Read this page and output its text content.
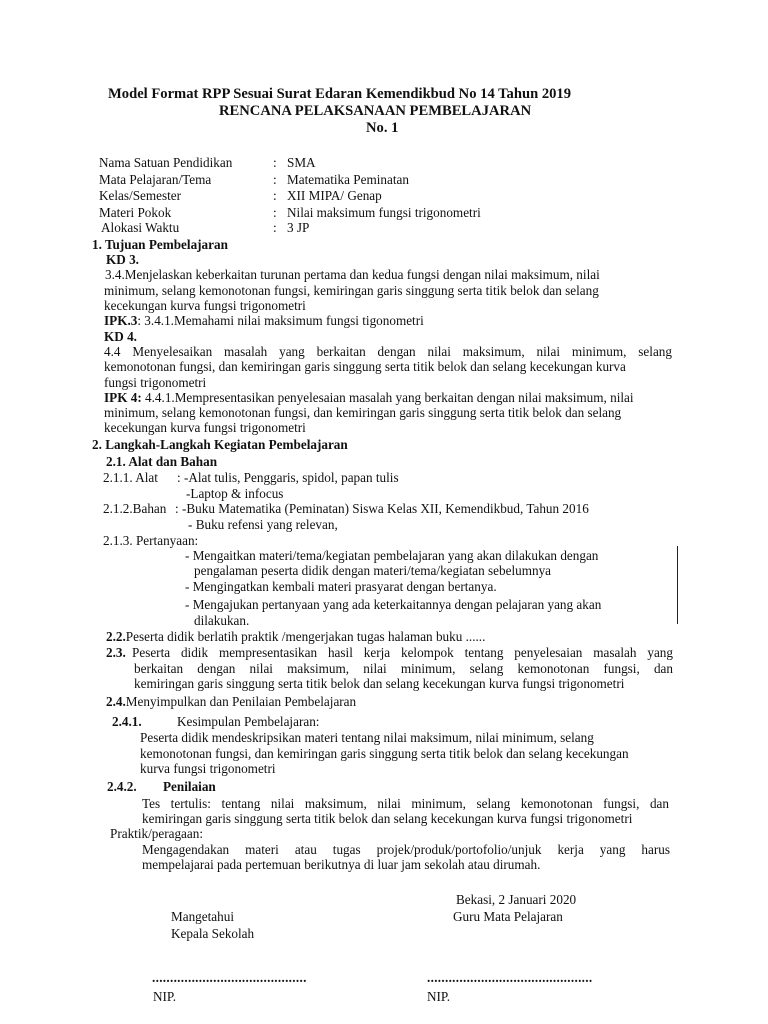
Model Format RPP Sesuai Surat Edaran Kemendikbud No 14 Tahun 2019
RENCANA PELAKSANAAN PEMBELAJARAN
No. 1
Nama Satuan Pendidikan	: SMA
Mata Pelajaran/Tema	: Matematika Peminatan
Kelas/Semester	: XII MIPA/ Genap
Materi Pokok	: Nilai maksimum fungsi trigonometri
Alokasi Waktu	: 3 JP
1. Tujuan Pembelajaran
KD 3.
3.4.Menjelaskan keberkaitan turunan pertama dan kedua fungsi dengan nilai maksimum, nilai
minimum, selang kemonotonan fungsi, kemiringan garis singgung serta titik belok dan selang
kecekungan kurva fungsi trigonometri
IPK.3: 3.4.1.Memahami nilai maksimum fungsi tigonometri
KD 4.
4.4 Menyelesaikan masalah yang berkaitan dengan nilai maksimum, nilai minimum, selang
kemonotonan fungsi, dan kemiringan garis singgung serta titik belok dan selang kecekungan kurva
fungsi trigonometri
IPK 4: 4.4.1.Mempresentasikan penyelesaian masalah yang berkaitan dengan nilai maksimum, nilai
minimum, selang kemonotonan fungsi, dan kemiringan garis singgung serta titik belok dan selang
kecekungan kurva fungsi trigonometri
2. Langkah-Langkah Kegiatan Pembelajaran
2.1. Alat dan Bahan
2.1.1. Alat : -Alat tulis, Penggaris, spidol, papan tulis
-Laptop & infocus
2.1.2.Bahan : -Buku Matematika (Peminatan) Siswa Kelas XII, Kemendikbud, Tahun 2016
- Buku refensi yang relevan,
2.1.3. Pertanyaan:
- Mengaitkan materi/tema/kegiatan pembelajaran yang akan dilakukan dengan
pengalaman peserta didik dengan materi/tema/kegiatan sebelumnya
- Mengingatkan kembali materi prasyarat dengan bertanya.
- Mengajukan pertanyaan yang ada keterkaitannya dengan pelajaran yang akan
dilakukan.
2.2.Peserta didik berlatih praktik /mengerjakan tugas halaman buku ......
2.3. Peserta didik mempresentasikan hasil kerja kelompok tentang penyelesaian masalah yang
berkaitan dengan nilai maksimum, nilai minimum, selang kemonotonan fungsi, dan
kemiringan garis singgung serta titik belok dan selang kecekungan kurva fungsi trigonometri
2.4.Menyimpulkan dan Penilaian Pembelajaran
2.4.1.	Kesimpulan Pembelajaran:
Peserta didik mendeskripsikan materi tentang nilai maksimum, nilai minimum, selang
kemonotonan fungsi, dan kemiringan garis singgung serta titik belok dan selang kecekungan
kurva fungsi trigonometri
2.4.2. Penilaian
Tes tertulis: tentang nilai maksimum, nilai minimum, selang kemonotonan fungsi, dan
kemiringan garis singgung serta titik belok dan selang kecekungan kurva fungsi trigonometri
Praktik/peragaan:
Mengagendakan materi atau tugas projek/produk/portofolio/unjuk kerja yang harus
mempelajarai pada pertemuan berikutnya di luar jam sekolah atau dirumah.
Bekasi, 2 Januari 2020
Mangetahui	Guru Mata Pelajaran
Kepala Sekolah
...........................................	..............................................
NIP.	NIP.
